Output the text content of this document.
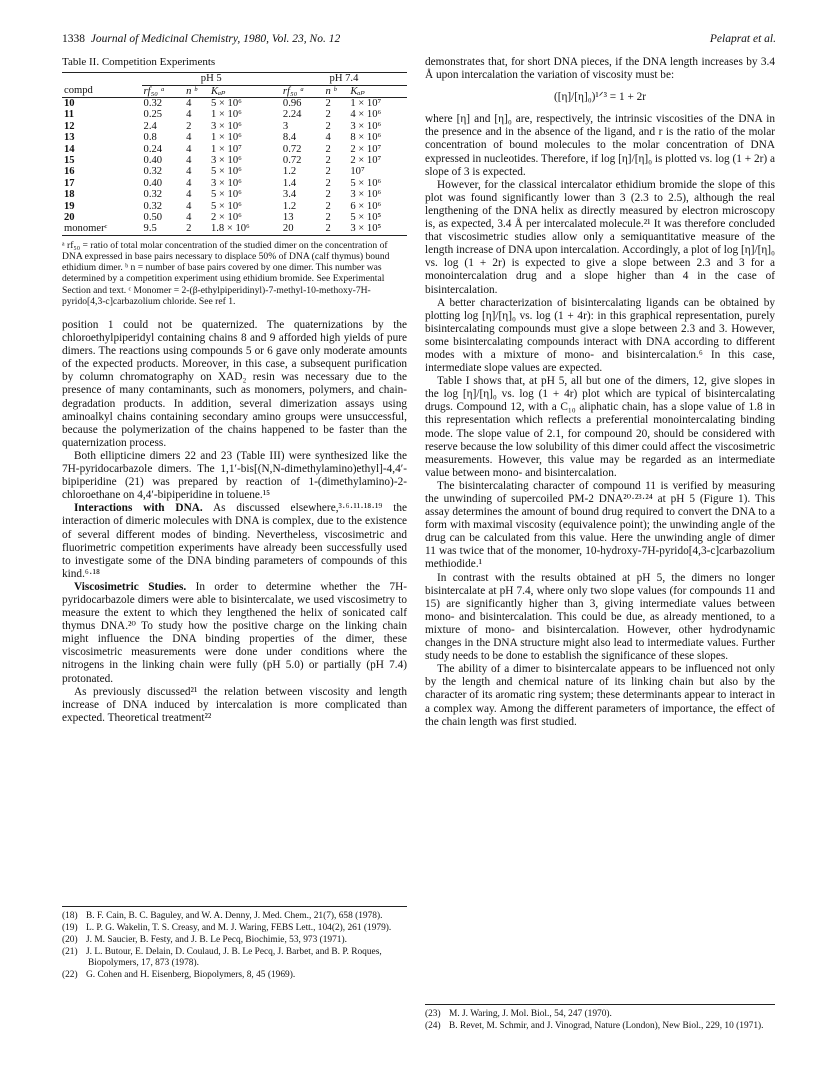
1338 Journal of Medicinal Chemistry, 1980, Vol. 23, No. 12	Pelaprat et al.
Table II. Competition Experiments
	pH 5			pH 7.4		
compd	rf₅₀ ᵃ	n ᵇ	Kₐₚ	rf₅₀ ᵃ	n ᵇ	Kₐₚ
10	0.32	4	5 × 10⁶	0.96	2	1 × 10⁷
11	0.25	4	1 × 10⁶	2.24	2	4 × 10⁶
12	2.4	2	3 × 10⁶	3	2	3 × 10⁶
13	0.8	4	1 × 10⁶	8.4	4	8 × 10⁶
14	0.24	4	1 × 10⁷	0.72	2	2 × 10⁷
15	0.40	4	3 × 10⁶	0.72	2	2 × 10⁷
16	0.32	4	5 × 10⁶	1.2	2	10⁷
17	0.40	4	3 × 10⁶	1.4	2	5 × 10⁶
18	0.32	4	5 × 10⁶	3.4	2	3 × 10⁶
19	0.32	4	5 × 10⁶	1.2	2	6 × 10⁶
20	0.50	4	2 × 10⁶	13	2	5 × 10⁵
monomerᶜ	9.5	2	1.8 × 10⁶	20	2	3 × 10⁵
ᵃ rf₅₀ = ratio of total molar concentration of the studied dimer on the concentration of DNA expressed in base pairs necessary to displace 50% of DNA (calf thymus) bound ethidium dimer. ᵇ n = number of base pairs covered by one dimer. This number was determined by a competition experiment using ethidium bromide. See Experimental Section and text. ᶜ Monomer = 2-(β-ethylpiperidinyl)-7-methyl-10-methoxy-7H-pyrido[4,3-c]carbazolium chloride. See ref 1.

position 1 could not be quaternized. The quaternizations by the chloroethylpiperidyl containing chains 8 and 9 afforded high yields of pure dimers. The reactions using compounds 5 or 6 gave only moderate amounts of the expected products. Moreover, in this case, a subsequent purification by column chromatography on XAD₂ resin was necessary due to the presence of many contaminants, such as monomers, polymers, and chain-degradation products. In addition, several dimerization assays using aminoalkyl chains containing secondary amino groups were unsuccessful, because the polymerization of the chains happened to be faster than the quaternization process.

Both ellipticine dimers 22 and 23 (Table III) were synthesized like the 7H-pyridocarbazole dimers. The 1,1′-bis[(N,N-dimethylamino)ethyl]-4,4′-bipiperidine (21) was prepared by reaction of 1-(dimethylamino)-2-chloroethane on 4,4′-bipiperidine in toluene.¹⁵

Interactions with DNA. As discussed elsewhere,³·⁶·¹¹·¹⁸·¹⁹ the interaction of dimeric molecules with DNA is complex, due to the existence of several different modes of binding. Nevertheless, viscosimetric and fluorimetric competition experiments have already been successfully used to investigate some of the DNA binding parameters of compounds of this kind.⁶·¹⁸

Viscosimetric Studies. In order to determine whether the 7H-pyridocarbazole dimers were able to bisintercalate, we used viscosimetry to measure the extent to which they lengthened the helix of sonicated calf thymus DNA.²⁰ To study how the positive charge on the linking chain might influence the DNA binding properties of the dimer, these viscosimetric measurements were done under conditions where the nitrogens in the linking chain were fully (pH 5.0) or partially (pH 7.4) protonated.

As previously discussed²¹ the relation between viscosity and length increase of DNA induced by intercalation is more complicated than expected. Theoretical treatment²²

demonstrates that, for short DNA pieces, if the DNA length increases by 3.4 Å upon intercalation the variation of viscosity must be:

([η]/[η]₀)¹ᐟ³ = 1 + 2r

where [η] and [η]₀ are, respectively, the intrinsic viscosities of the DNA in the presence and in the absence of the ligand, and r is the ratio of the molar concentration of bound molecules to the molar concentration of DNA expressed in nucleotides. Therefore, if log [η]/[η]₀ is plotted vs. log (1 + 2r) a slope of 3 is expected.

However, for the classical intercalator ethidium bromide the slope of this plot was found significantly lower than 3 (2.3 to 2.5), although the real lengthening of the DNA helix as directly measured by electron microscopy is, as expected, 3.4 Å per intercalated molecule.²¹ It was therefore concluded that viscosimetric studies allow only a semiquantitative measure of the length increase of DNA upon intercalation. Accordingly, a plot of log [η]/[η]₀ vs. log (1 + 2r) is expected to give a slope between 2.3 and 3 for a monointercalation drug and a slope higher than 4 in the case of bisintercalation.

A better characterization of bisintercalating ligands can be obtained by plotting log [η]/[η]₀ vs. log (1 + 4r): in this graphical representation, purely bisintercalating compounds must give a slope between 2.3 and 3. However, some bisintercalating compounds interact with DNA according to different modes with a mixture of mono- and bisintercalation.⁶ In this case, intermediate slope values are expected.

Table I shows that, at pH 5, all but one of the dimers, 12, give slopes in the log [η]/[η]₀ vs. log (1 + 4r) plot which are typical of bisintercalating drugs. Compound 12, with a C₁₀ aliphatic chain, has a slope value of 1.8 in this representation which reflects a preferential monointercalating binding mode. The slope value of 2.1, for compound 20, should be considered with reserve because the low solubility of this dimer could affect the viscosimetric measurements. However, this value may be regarded as an intermediate value between mono- and bisintercalation.

The bisintercalating character of compound 11 is verified by measuring the unwinding of supercoiled PM-2 DNA²⁰·²³·²⁴ at pH 5 (Figure 1). This assay determines the amount of bound drug required to convert the DNA to a form with maximal viscosity (equivalence point); the unwinding angle of the drug can be calculated from this value. Here the unwinding angle of dimer 11 was twice that of the monomer, 10-hydroxy-7H-pyrido[4,3-c]carbazolium methiodide.¹

In contrast with the results obtained at pH 5, the dimers no longer bisintercalate at pH 7.4, where only two slope values (for compounds 11 and 15) are significantly higher than 3, giving intermediate values between mono- and bisintercalation. This could be due, as already mentioned, to a mixture of mono- and bisintercalation. However, other hydrodynamic changes in the DNA structure might also lead to intermediate values. Further study needs to be done to establish the significance of these slopes.

The ability of a dimer to bisintercalate appears to be influenced not only by the length and chemical nature of its linking chain but also by the character of its aromatic ring system; these determinants appear to interact in a complex way. Among the different parameters of importance, the effect of the chain length was first studied.

(18) B. F. Cain, B. C. Baguley, and W. A. Denny, J. Med. Chem., 21(7), 658 (1978).
(19) L. P. G. Wakelin, T. S. Creasy, and M. J. Waring, FEBS Lett., 104(2), 261 (1979).
(20) J. M. Saucier, B. Festy, and J. B. Le Pecq, Biochimie, 53, 973 (1971).
(21) J. L. Butour, E. Delain, D. Coulaud, J. B. Le Pecq, J. Barbet, and B. P. Roques, Biopolymers, 17, 873 (1978).
(22) G. Cohen and H. Eisenberg, Biopolymers, 8, 45 (1969).
(23) M. J. Waring, J. Mol. Biol., 54, 247 (1970).
(24) B. Revet, M. Schmir, and J. Vinograd, Nature (London), New Biol., 229, 10 (1971).
